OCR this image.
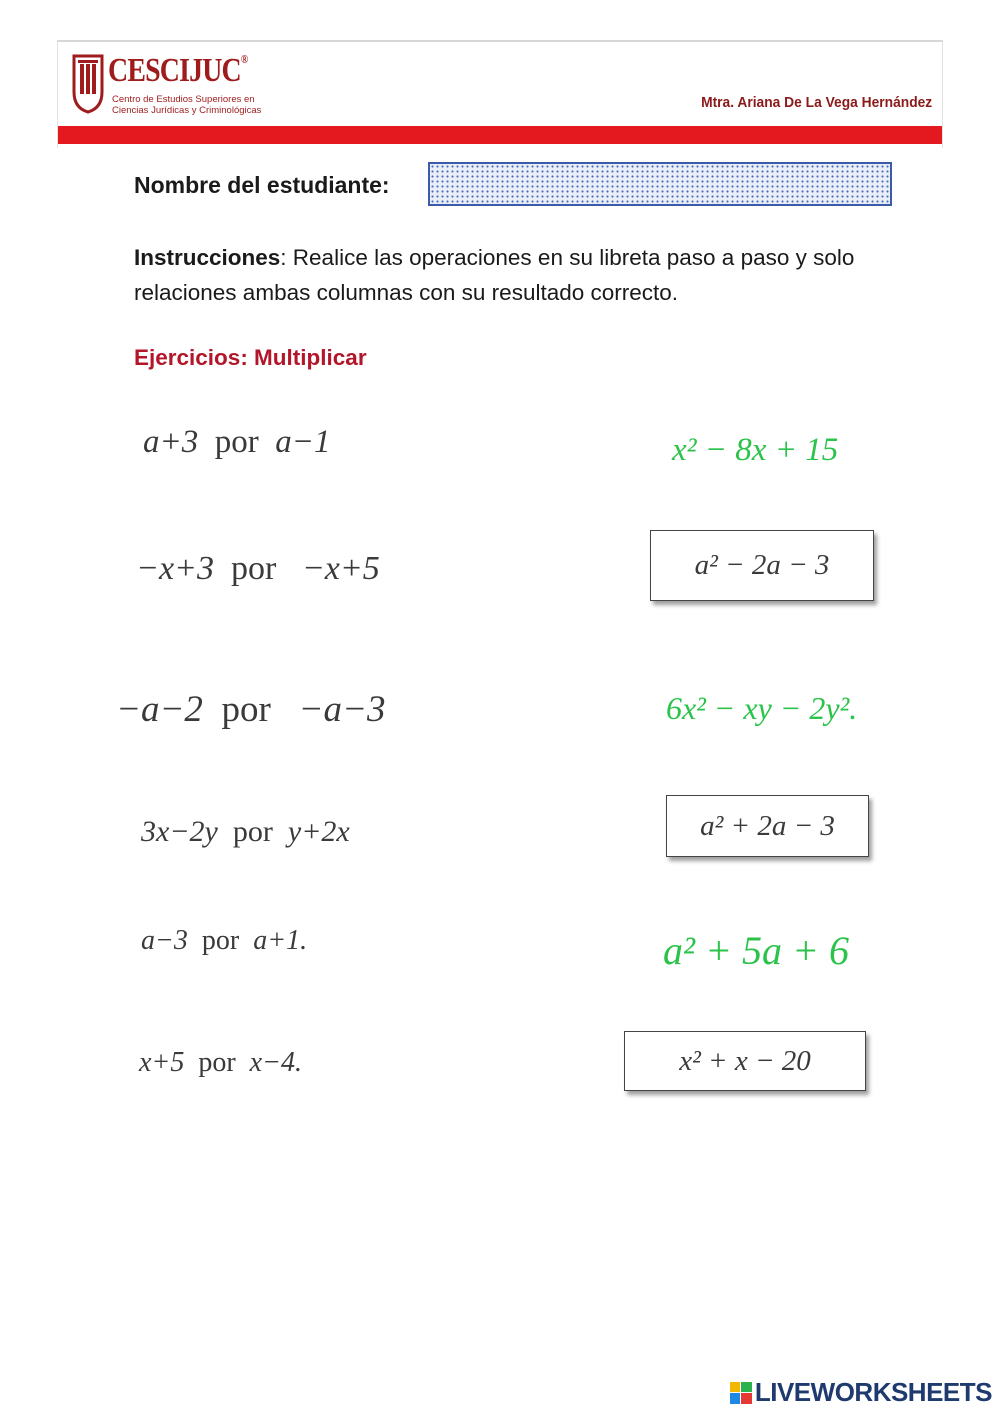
CESCIJUC®
Centro de Estudios Superiores en
Ciencias Jurídicas y Criminológicas	Mtra. Ariana De La Vega Hernández
Nombre del estudiante:
Instrucciones: Realice las operaciones en su libreta paso a paso y solo relaciones ambas columnas con su resultado correcto.
Ejercicios: Multiplicar
a+3 por a−1
−x+3 por −x+5
−a−2 por −a−3
3x−2y por y+2x
a−3 por a+1.
x+5 por x−4.
x² − 8x + 15
a² − 2a − 3
6x² − xy − 2y².
a² + 2a − 3
a² + 5a + 6
x² + x − 20
LIVEWORKSHEETS
